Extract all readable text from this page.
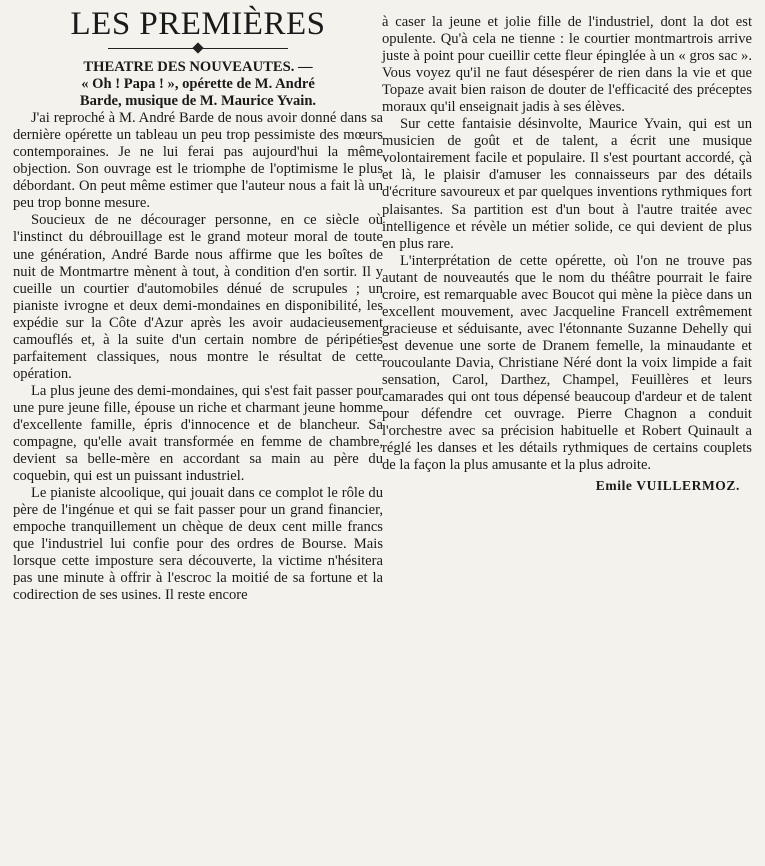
LES PREMIÈRES
THEATRE DES NOUVEAUTES. —
« Oh ! Papa ! », opérette de M. André
Barde, musique de M. Maurice Yvain.

J'ai reproché à M. André Barde de nous avoir donné dans sa dernière opérette un tableau un peu trop pessimiste des mœurs contemporaines. Je ne lui ferai pas aujourd'hui la même objection. Son ouvrage est le triomphe de l'optimisme le plus débordant. On peut même estimer que l'auteur nous a fait là un peu trop bonne mesure.

Soucieux de ne décourager personne, en ce siècle où l'instinct du débrouillage est le grand moteur moral de toute une génération, André Barde nous affirme que les boîtes de nuit de Montmartre mènent à tout, à condition d'en sortir. Il y cueille un courtier d'automobiles dénué de scrupules ; un pianiste ivrogne et deux demi-mondaines en disponibilité, les expédie sur la Côte d'Azur après les avoir audacieusement camouflés et, à la suite d'un certain nombre de péripéties parfaitement classiques, nous montre le résultat de cette opération.

La plus jeune des demi-mondaines, qui s'est fait passer pour une pure jeune fille, épouse un riche et charmant jeune homme d'excellente famille, épris d'innocence et de blancheur. Sa compagne, qu'elle avait transformée en femme de chambre, devient sa belle-mère en accordant sa main au père du coquebin, qui est un puissant industriel.

Le pianiste alcoolique, qui jouait dans ce complot le rôle du père de l'ingénue et qui se fait passer pour un grand financier, empoche tranquillement un chèque de deux cent mille francs que l'industriel lui confie pour des ordres de Bourse. Mais lorsque cette imposture sera découverte, la victime n'hésitera pas une minute à offrir à l'escroc la moitié de sa fortune et la codirection de ses usines. Il reste encore

à caser la jeune et jolie fille de l'industriel, dont la dot est opulente. Qu'à cela ne tienne : le courtier montmartrois arrive juste à point pour cueillir cette fleur épinglée à un « gros sac ». Vous voyez qu'il ne faut désespérer de rien dans la vie et que Topaze avait bien raison de douter de l'efficacité des préceptes moraux qu'il enseignait jadis à ses élèves.

Sur cette fantaisie désinvolte, Maurice Yvain, qui est un musicien de goût et de talent, a écrit une musique volontairement facile et populaire. Il s'est pourtant accordé, çà et là, le plaisir d'amuser les connaisseurs par des détails d'écriture savoureux et par quelques inventions rythmiques fort plaisantes. Sa partition est d'un bout à l'autre traitée avec intelligence et révèle un métier solide, ce qui devient de plus en plus rare.

L'interprétation de cette opérette, où l'on ne trouve pas autant de nouveautés que le nom du théâtre pourrait le faire croire, est remarquable avec Boucot qui mène la pièce dans un excellent mouvement, avec Jacqueline Francell extrêmement gracieuse et séduisante, avec l'étonnante Suzanne Dehelly qui est devenue une sorte de Dranem femelle, la minaudante et roucoulante Davia, Christiane Néré dont la voix limpide a fait sensation, Carol, Darthez, Champel, Feuillères et leurs camarades qui ont tous dépensé beaucoup d'ardeur et de talent pour défendre cet ouvrage. Pierre Chagnon a conduit l'orchestre avec sa précision habituelle et Robert Quinault a réglé les danses et les détails rythmiques de certains couplets de la façon la plus amusante et la plus adroite.

Emile VUILLERMOZ.
